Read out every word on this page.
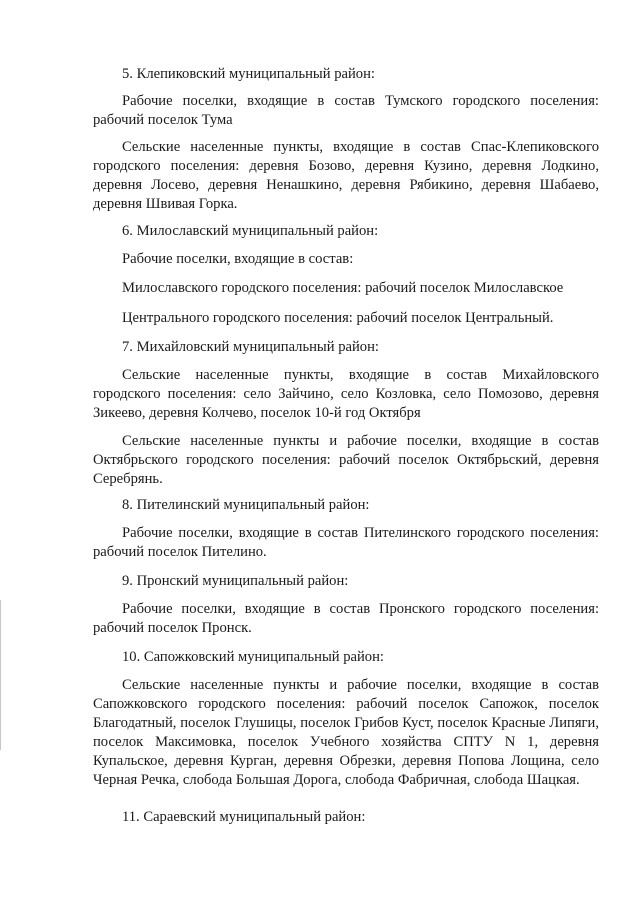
5. Клепиковский муниципальный район:

Рабочие поселки, входящие в состав Тумского городского поселения: рабочий поселок Тума

Сельские населенные пункты, входящие в состав Спас-Клепиковского городского поселения: деревня Бозово, деревня Кузино, деревня Лодкино, деревня Лосево, деревня Ненашкино, деревня Рябикино, деревня Шабаево, деревня Швивая Горка.

6. Милославский муниципальный район:

Рабочие поселки, входящие в состав:

Милославского городского поселения: рабочий поселок Милославское

Центрального городского поселения: рабочий поселок Центральный.

7. Михайловский муниципальный район:

Сельские населенные пункты, входящие в состав Михайловского городского поселения: село Зайчино, село Козловка, село Помозово, деревня Зикеево, деревня Колчево, поселок 10-й год Октября

Сельские населенные пункты и рабочие поселки, входящие в состав Октябрьского городского поселения: рабочий поселок Октябрьский, деревня Серебрянь.

8. Пителинский муниципальный район:

Рабочие поселки, входящие в состав Пителинского городского поселения: рабочий поселок Пителино.

9. Пронский муниципальный район:

Рабочие поселки, входящие в состав Пронского городского поселения: рабочий поселок Пронск.

10. Сапожковский муниципальный район:

Сельские населенные пункты и рабочие поселки, входящие в состав Сапожковского городского поселения: рабочий поселок Сапожок, поселок Благодатный, поселок Глушицы, поселок Грибов Куст, поселок Красные Липяги, поселок Максимовка, поселок Учебного хозяйства СПТУ N 1, деревня Купальское, деревня Курган, деревня Обрезки, деревня Попова Лощина, село Черная Речка, слобода Большая Дорога, слобода Фабричная, слобода Шацкая.

11. Сараевский муниципальный район:
